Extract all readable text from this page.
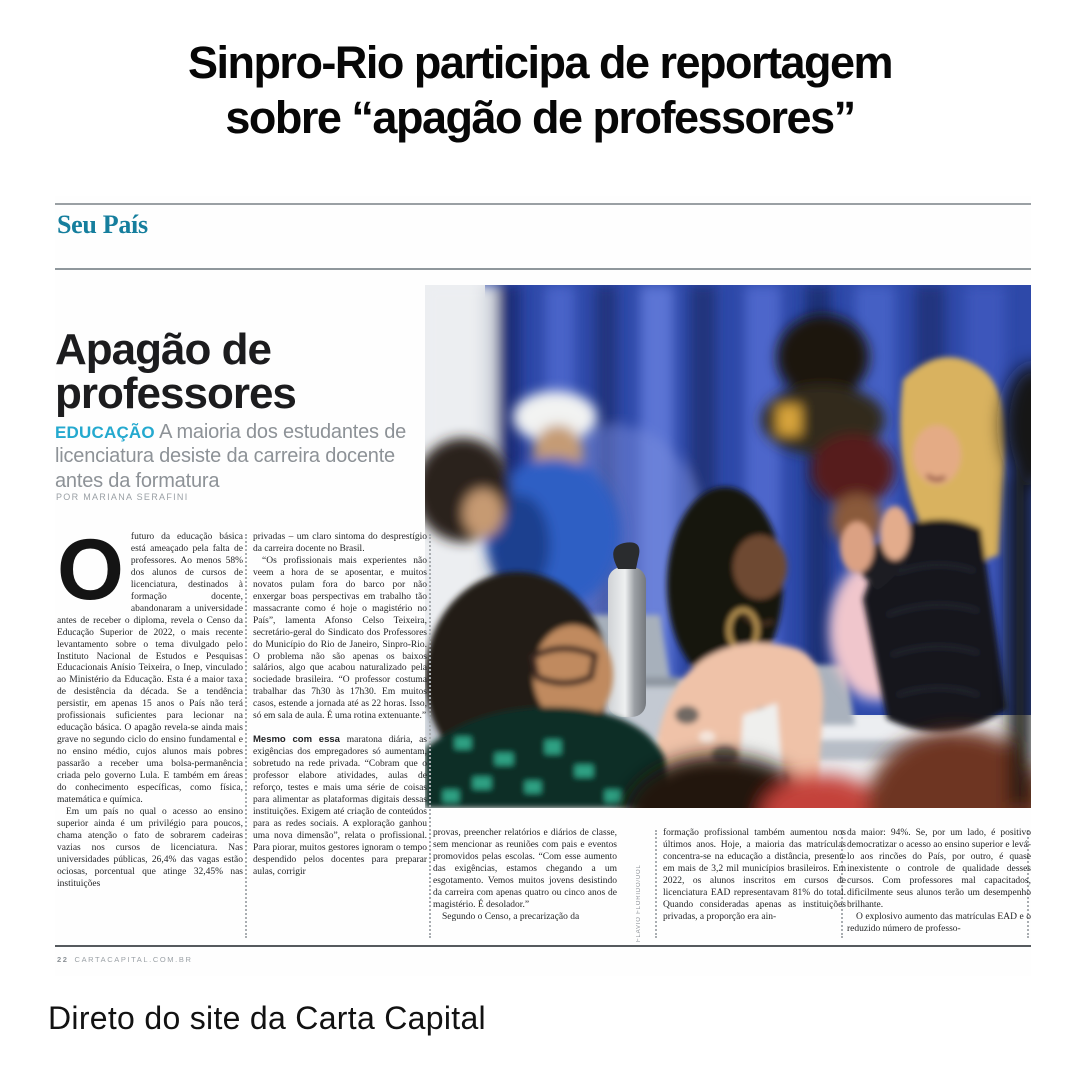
Sinpro-Rio participa de reportagem
sobre “apagão de professores”
Seu País
Apagão de
professores

EDUCAÇÃO A maioria dos estudantes de licenciatura desiste da carreira docente antes da formatura

POR MARIANA SERAFINI
FLAVIO FLORIDO/UOL

Ofuturo da educação básica está ameaçado pela falta de professores. Ao menos 58% dos alunos de cursos de licenciatura, destinados à formação docente, abandonaram a universidade antes de receber o diploma, revela o Censo da Educação Superior de 2022, o mais recente levantamento sobre o tema divulgado pelo Instituto Nacional de Estudos e Pesquisas Educacionais Anísio Teixeira, o Inep, vinculado ao Ministério da Educação. Esta é a maior taxa de desistência da década. Se a tendência persistir, em apenas 15 anos o País não terá profissionais suficientes para lecionar na educação básica. O apagão revela-se ainda mais grave no segundo ciclo do ensino fundamental e no ensino médio, cujos alunos mais pobres passarão a receber uma bolsa-permanência criada pelo governo Lula. E também em áreas do conhecimento específicas, como física, matemática e química.

Em um país no qual o acesso ao ensino superior ainda é um privilégio para poucos, chama atenção o fato de sobrarem cadeiras vazias nos cursos de licenciatura. Nas universidades públicas, 26,4% das vagas estão ociosas, porcentual que atinge 32,45% nas instituições

privadas – um claro sintoma do desprestígio da carreira docente no Brasil.

“Os profissionais mais experientes não veem a hora de se aposentar, e muitos novatos pulam fora do barco por não enxergar boas perspectivas em trabalho tão massacrante como é hoje o magistério no País”, lamenta Afonso Celso Teixeira, secretário-geral do Sindicato dos Professores do Município do Rio de Janeiro, Sinpro-Rio. O problema não são apenas os baixos salários, algo que acabou naturalizado pela sociedade brasileira. “O professor costuma trabalhar das 7h30 às 17h30. Em muitos casos, estende a jornada até as 22 horas. Isso, só em sala de aula. É uma rotina extenuante.”

Mesmo com essa maratona diária, as exigências dos empregadores só aumentam, sobretudo na rede privada. “Cobram que o professor elabore atividades, aulas de reforço, testes e mais uma série de coisas para alimentar as plataformas digitais dessas instituições. Exigem até criação de conteúdos para as redes sociais. A exploração ganhou uma nova dimensão”, relata o profissional. Para piorar, muitos gestores ignoram o tempo despendido pelos docentes para preparar aulas, corrigir

provas, preencher relatórios e diários de classe, sem mencionar as reuniões com pais e eventos promovidos pelas escolas. “Com esse aumento das exigências, estamos chegando a um esgotamento. Vemos muitos jovens desistindo da carreira com apenas quatro ou cinco anos de magistério. É desolador.”

Segundo o Censo, a precarização da

formação profissional também aumentou nos últimos anos. Hoje, a maioria das matrículas concentra-se na educação a distância, presente em mais de 3,2 mil municípios brasileiros. Em 2022, os alunos inscritos em cursos de licenciatura EAD representavam 81% do total. Quando consideradas apenas as instituições privadas, a proporção era ain-

da maior: 94%. Se, por um lado, é positivo democratizar o acesso ao ensino superior e levá-lo aos rincões do País, por outro, é quase inexistente o controle de qualidade desses cursos. Com professores mal capacitados, dificilmente seus alunos terão um desempenho brilhante.

O explosivo aumento das matrículas EAD e o reduzido número de professo-

22 CARTACAPITAL.COM.BR
Direto do site da Carta Capital
